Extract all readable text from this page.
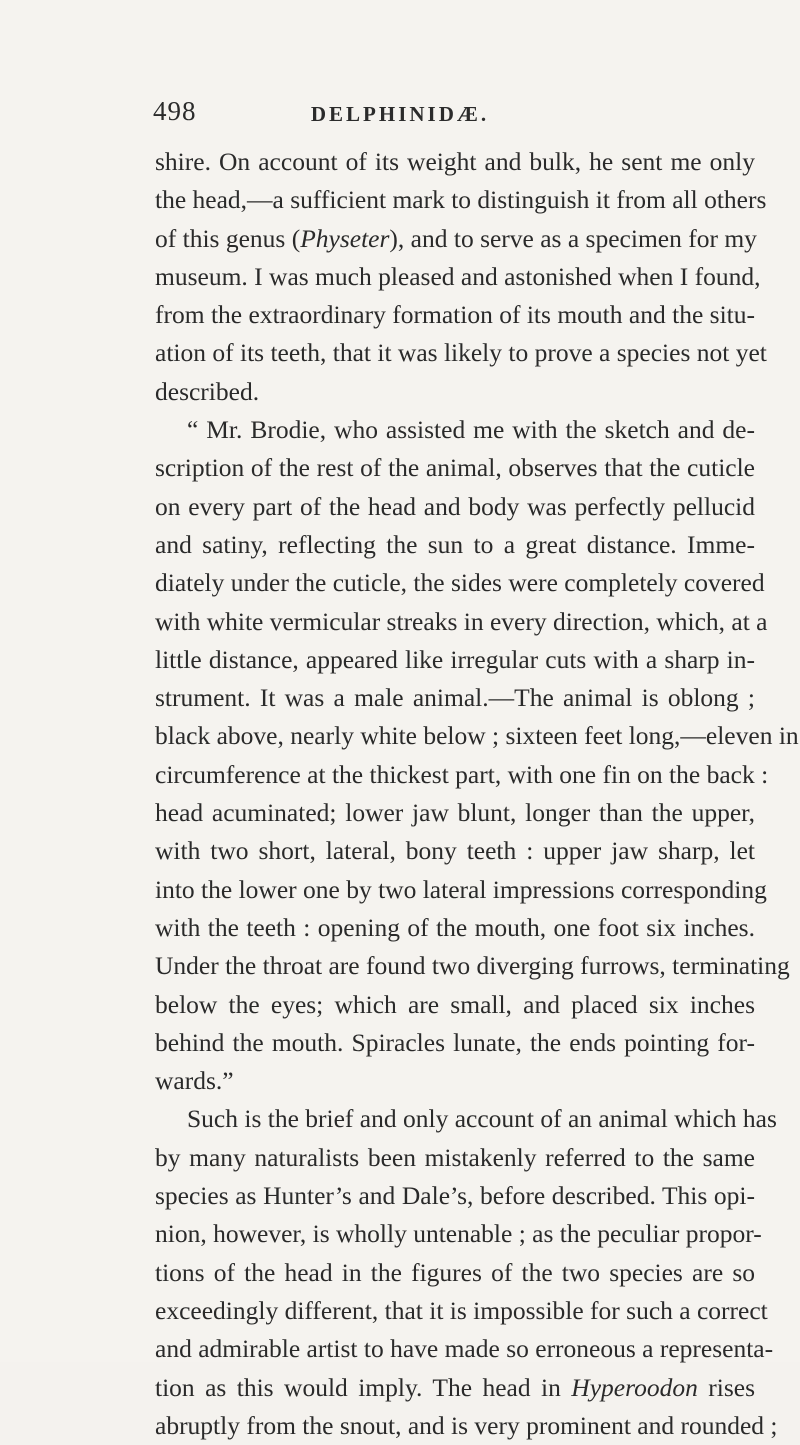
498	DELPHINIDÆ.

shire. On account of its weight and bulk, he sent me only
the head,—a sufficient mark to distinguish it from all others
of this genus (Physeter), and to serve as a specimen for my
museum. I was much pleased and astonished when I found,
from the extraordinary formation of its mouth and the situ-
ation of its teeth, that it was likely to prove a species not yet
described.

“ Mr. Brodie, who assisted me with the sketch and de-
scription of the rest of the animal, observes that the cuticle
on every part of the head and body was perfectly pellucid
and satiny, reflecting the sun to a great distance. Imme-
diately under the cuticle, the sides were completely covered
with white vermicular streaks in every direction, which, at a
little distance, appeared like irregular cuts with a sharp in-
strument. It was a male animal.—The animal is oblong ;
black above, nearly white below ; sixteen feet long,—eleven in
circumference at the thickest part, with one fin on the back :
head acuminated; lower jaw blunt, longer than the upper,
with two short, lateral, bony teeth : upper jaw sharp, let
into the lower one by two lateral impressions corresponding
with the teeth : opening of the mouth, one foot six inches.
Under the throat are found two diverging furrows, terminating
below the eyes; which are small, and placed six inches
behind the mouth. Spiracles lunate, the ends pointing for-
wards.”

Such is the brief and only account of an animal which has
by many naturalists been mistakenly referred to the same
species as Hunter’s and Dale’s, before described. This opi-
nion, however, is wholly untenable ; as the peculiar propor-
tions of the head in the figures of the two species are so
exceedingly different, that it is impossible for such a correct
and admirable artist to have made so erroneous a representa-
tion as this would imply. The head in Hyperoodon rises
abruptly from the snout, and is very prominent and rounded ;
